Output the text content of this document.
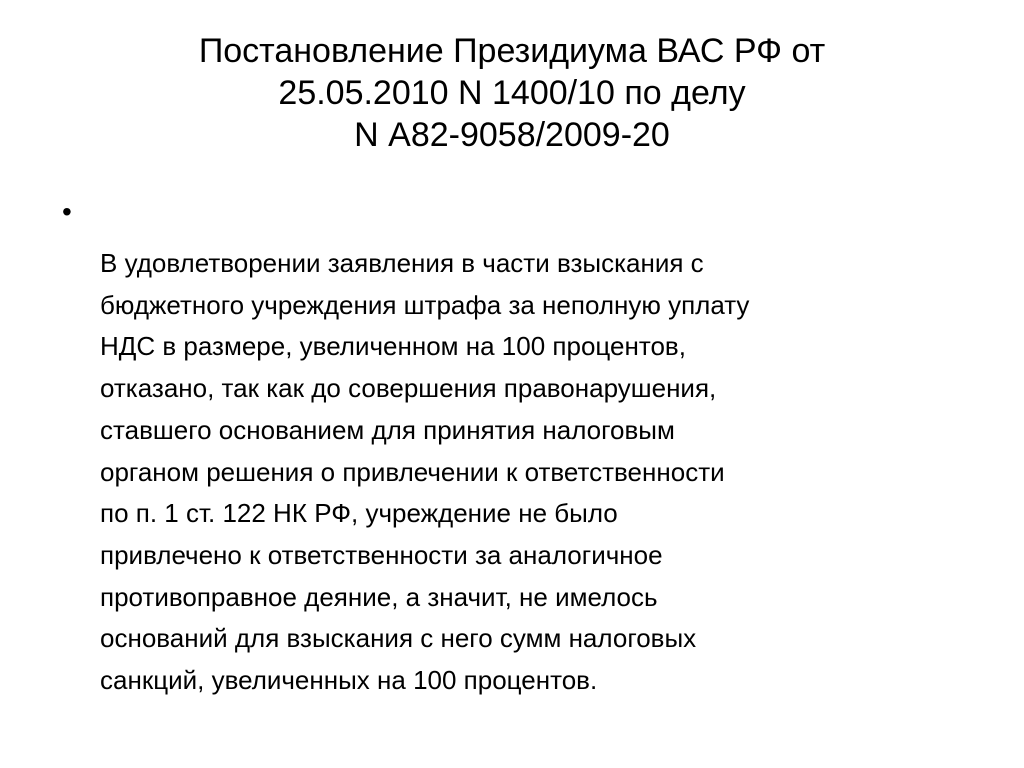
Постановление Президиума ВАС РФ от
25.05.2010 N 1400/10 по делу
N А82-9058/2009-20
•
В удовлетворении заявления в части взыскания с
бюджетного учреждения штрафа за неполную уплату
НДС в размере, увеличенном на 100 процентов,
отказано, так как до совершения правонарушения,
ставшего основанием для принятия налоговым
органом решения о привлечении к ответственности
по п. 1 ст. 122 НК РФ, учреждение не было
привлечено к ответственности за аналогичное
противоправное деяние, а значит, не имелось
оснований для взыскания с него сумм налоговых
санкций, увеличенных на 100 процентов.
